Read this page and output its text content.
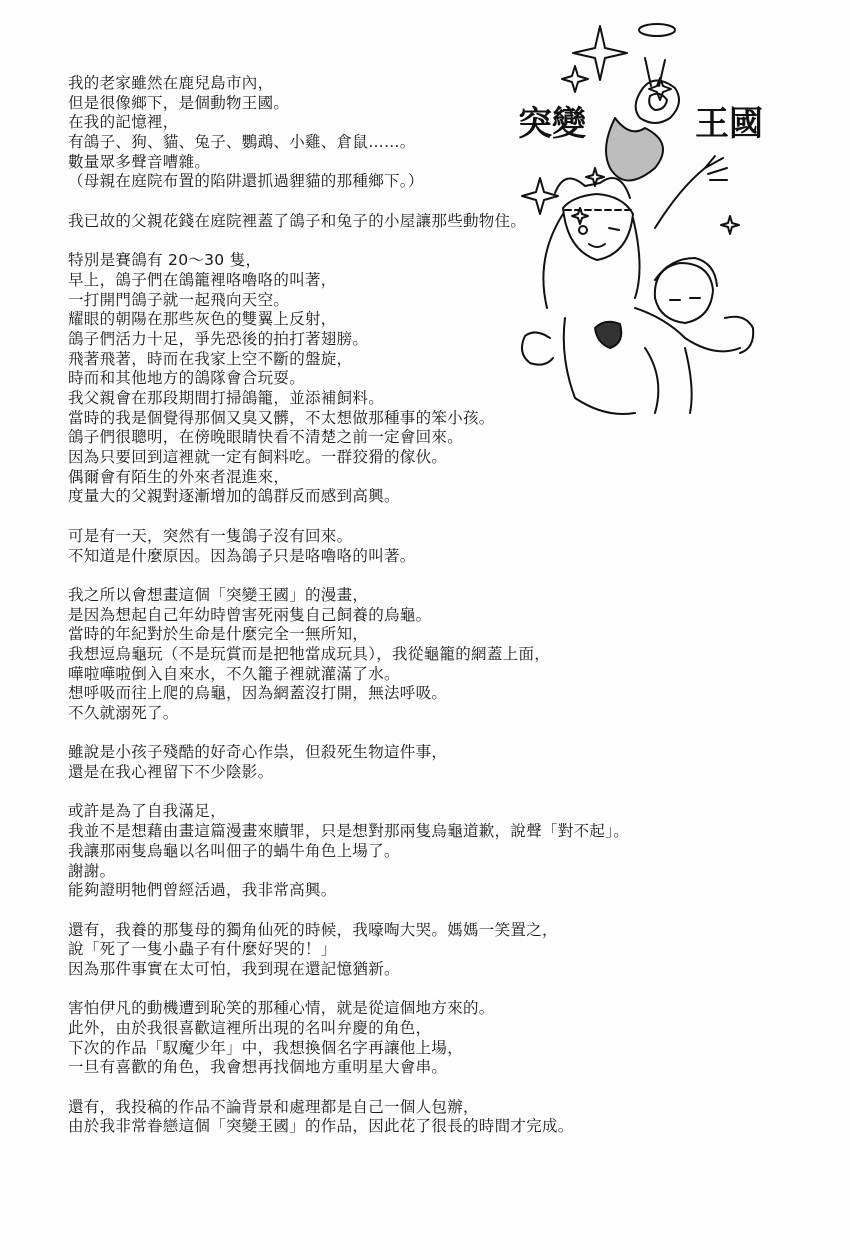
突變	王國
我的老家雖然在鹿兒島市內，
但是很像鄉下，是個動物王國。
在我的記憶裡，
有鴿子、狗、貓、兔子、鸚鵡、小雞、倉鼠……。
數量眾多聲音嘈雜。
（母親在庭院布置的陷阱還抓過貍貓的那種鄉下。）
我已故的父親花錢在庭院裡蓋了鴿子和兔子的小屋讓那些動物住。
特別是賽鴿有 20～30 隻，
早上，鴿子們在鴿籠裡咯嚕咯的叫著，
一打開門鴿子就一起飛向天空。
耀眼的朝陽在那些灰色的雙翼上反射，
鴿子們活力十足，爭先恐後的拍打著翅膀。
飛著飛著，時而在我家上空不斷的盤旋，
時而和其他地方的鴿隊會合玩耍。
我父親會在那段期間打掃鴿籠，並添補飼料。
當時的我是個覺得那個又臭又髒，不太想做那種事的笨小孩。
鴿子們很聰明，在傍晚眼睛快看不清楚之前一定會回來。
因為只要回到這裡就一定有飼料吃。一群狡猾的傢伙。
偶爾會有陌生的外來者混進來，
度量大的父親對逐漸增加的鴿群反而感到高興。
可是有一天，突然有一隻鴿子沒有回來。
不知道是什麼原因。因為鴿子只是咯嚕咯的叫著。
我之所以會想畫這個「突變王國」的漫畫，
是因為想起自己年幼時曾害死兩隻自己飼養的烏龜。
當時的年紀對於生命是什麼完全一無所知，
我想逗烏龜玩（不是玩賞而是把牠當成玩具），我從龜籠的網蓋上面，
嘩啦嘩啦倒入自來水，不久籠子裡就灌滿了水。
想呼吸而往上爬的烏龜，因為網蓋沒打開，無法呼吸。
不久就溺死了。
雖說是小孩子殘酷的好奇心作祟，但殺死生物這件事，
還是在我心裡留下不少陰影。
或許是為了自我滿足，
我並不是想藉由畫這篇漫畫來贖罪，只是想對那兩隻烏龜道歉，說聲「對不起」。
我讓那兩隻烏龜以名叫佃子的蝸牛角色上場了。
謝謝。
能夠證明牠們曾經活過，我非常高興。
還有，我養的那隻母的獨角仙死的時候，我嚎啕大哭。媽媽一笑置之，
說「死了一隻小蟲子有什麼好哭的！」
因為那件事實在太可怕，我到現在還記憶猶新。
害怕伊凡的動機遭到恥笑的那種心情，就是從這個地方來的。
此外，由於我很喜歡這裡所出現的名叫弁慶的角色，
下次的作品「馭魔少年」中，我想換個名字再讓他上場，
一旦有喜歡的角色，我會想再找個地方重明星大會串。
還有，我投稿的作品不論背景和處理都是自己一個人包辦，
由於我非常眷戀這個「突變王國」的作品，因此花了很長的時間才完成。
